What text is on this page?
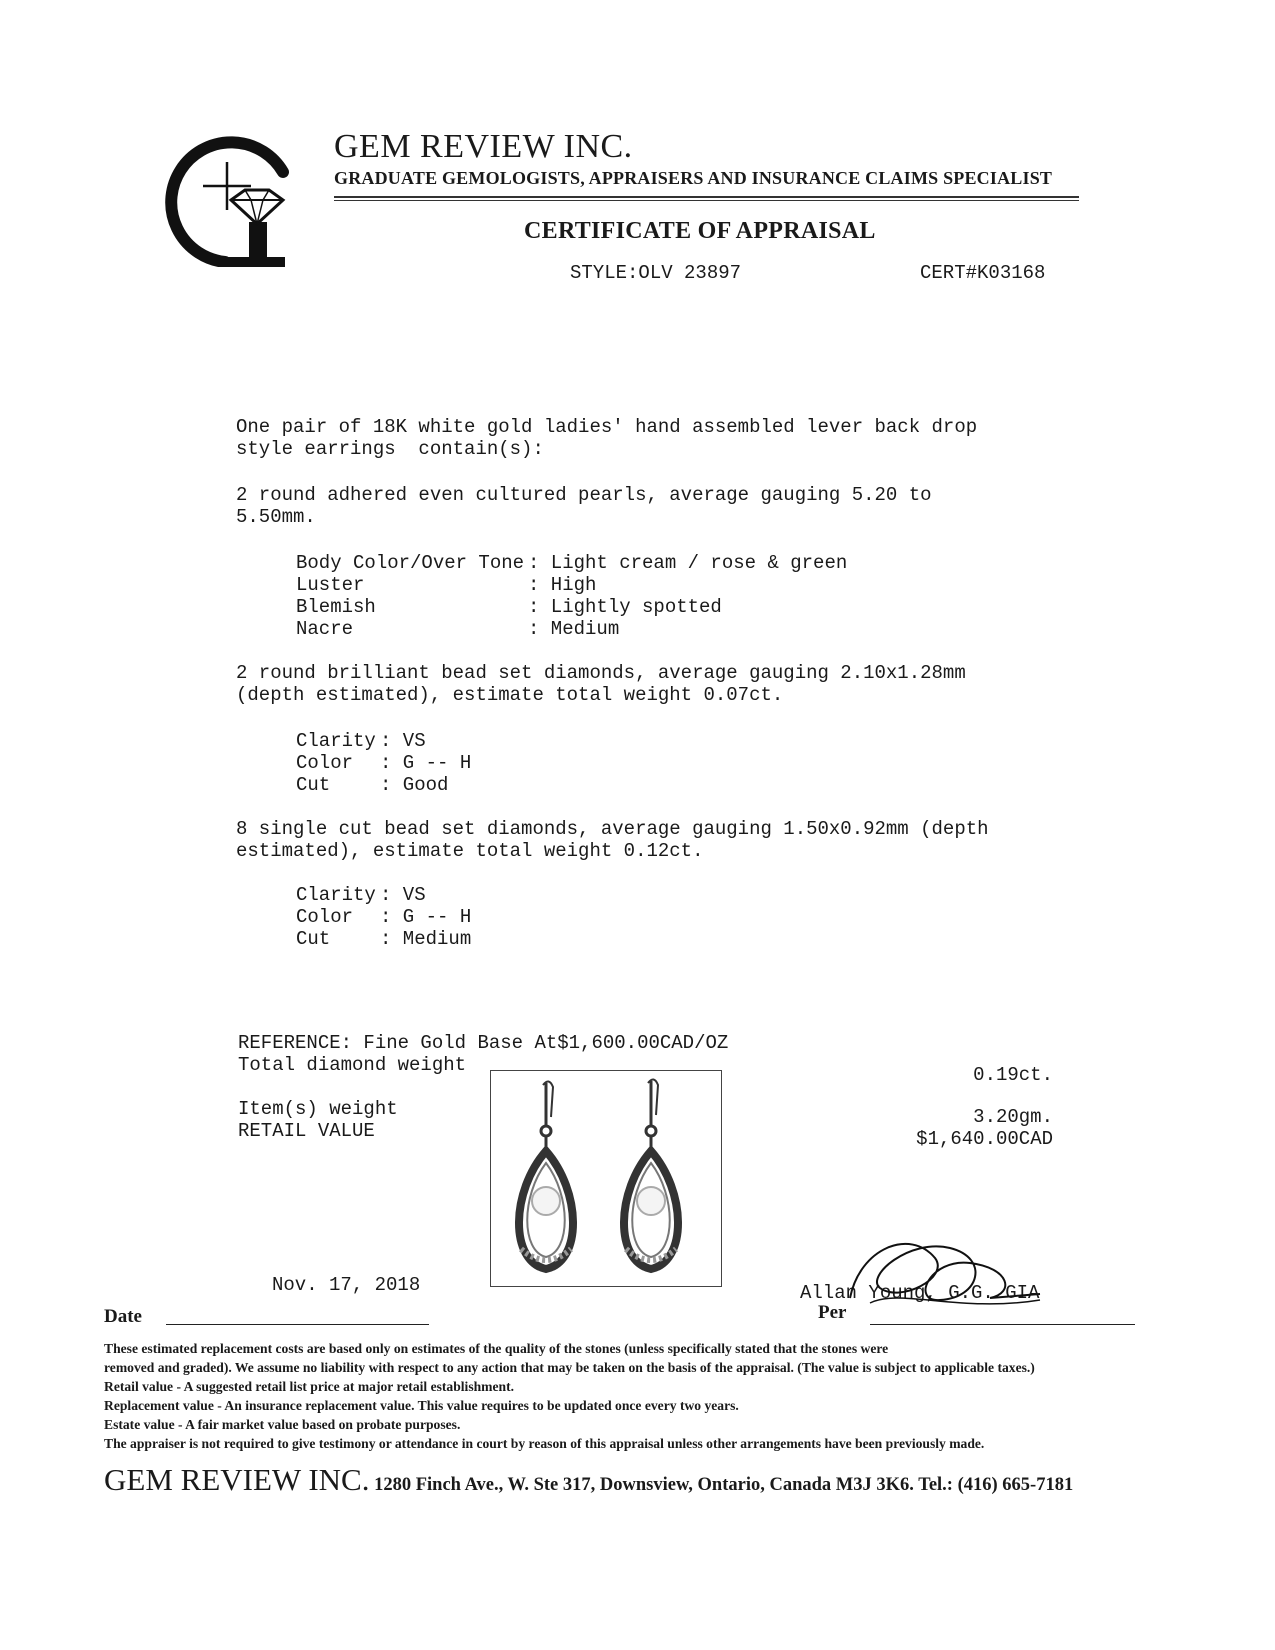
GEM REVIEW INC.
GRADUATE GEMOLOGISTS, APPRAISERS AND INSURANCE CLAIMS SPECIALIST
CERTIFICATE OF APPRAISAL
STYLE:OLV 23897	CERT#K03168
One pair of 18K white gold ladies' hand assembled lever back drop
style earrings  contain(s):
2 round adhered even cultured pearls, average gauging 5.20 to
5.50mm.
Body Color/Over Tone : Light cream / rose & green
Luster	: High
Blemish	: Lightly spotted
Nacre	: Medium
2 round brilliant bead set diamonds, average gauging 2.10x1.28mm
(depth estimated), estimate total weight 0.07ct.
Clarity : VS
Color : G -- H
Cut	: Good
8 single cut bead set diamonds, average gauging 1.50x0.92mm (depth
estimated), estimate total weight 0.12ct.
Clarity : VS
Color : G -- H
Cut	: Medium
REFERENCE: Fine Gold Base At$1,600.00CAD/OZ
Total diamond weight	0.19ct.
Item(s) weight	3.20gm.
RETAIL VALUE	$1,640.00CAD
Nov. 17, 2018
Date
Allan Young, G.G. GIA
Per
These estimated replacement costs are based only on estimates of the quality of the stones (unless specifically stated that the stones were
removed and graded). We assume no liability with respect to any action that may be taken on the basis of the appraisal. (The value is subject to applicable taxes.)
Retail value - A suggested retail list price at major retail establishment.
Replacement value - An insurance replacement value. This value requires to be updated once every two years.
Estate value - A fair market value based on probate purposes.
The appraiser is not required to give testimony or attendance in court by reason of this appraisal unless other arrangements have been previously made.
GEM REVIEW INC. 1280 Finch Ave., W. Ste 317, Downsview, Ontario, Canada M3J 3K6. Tel.: (416) 665-7181
